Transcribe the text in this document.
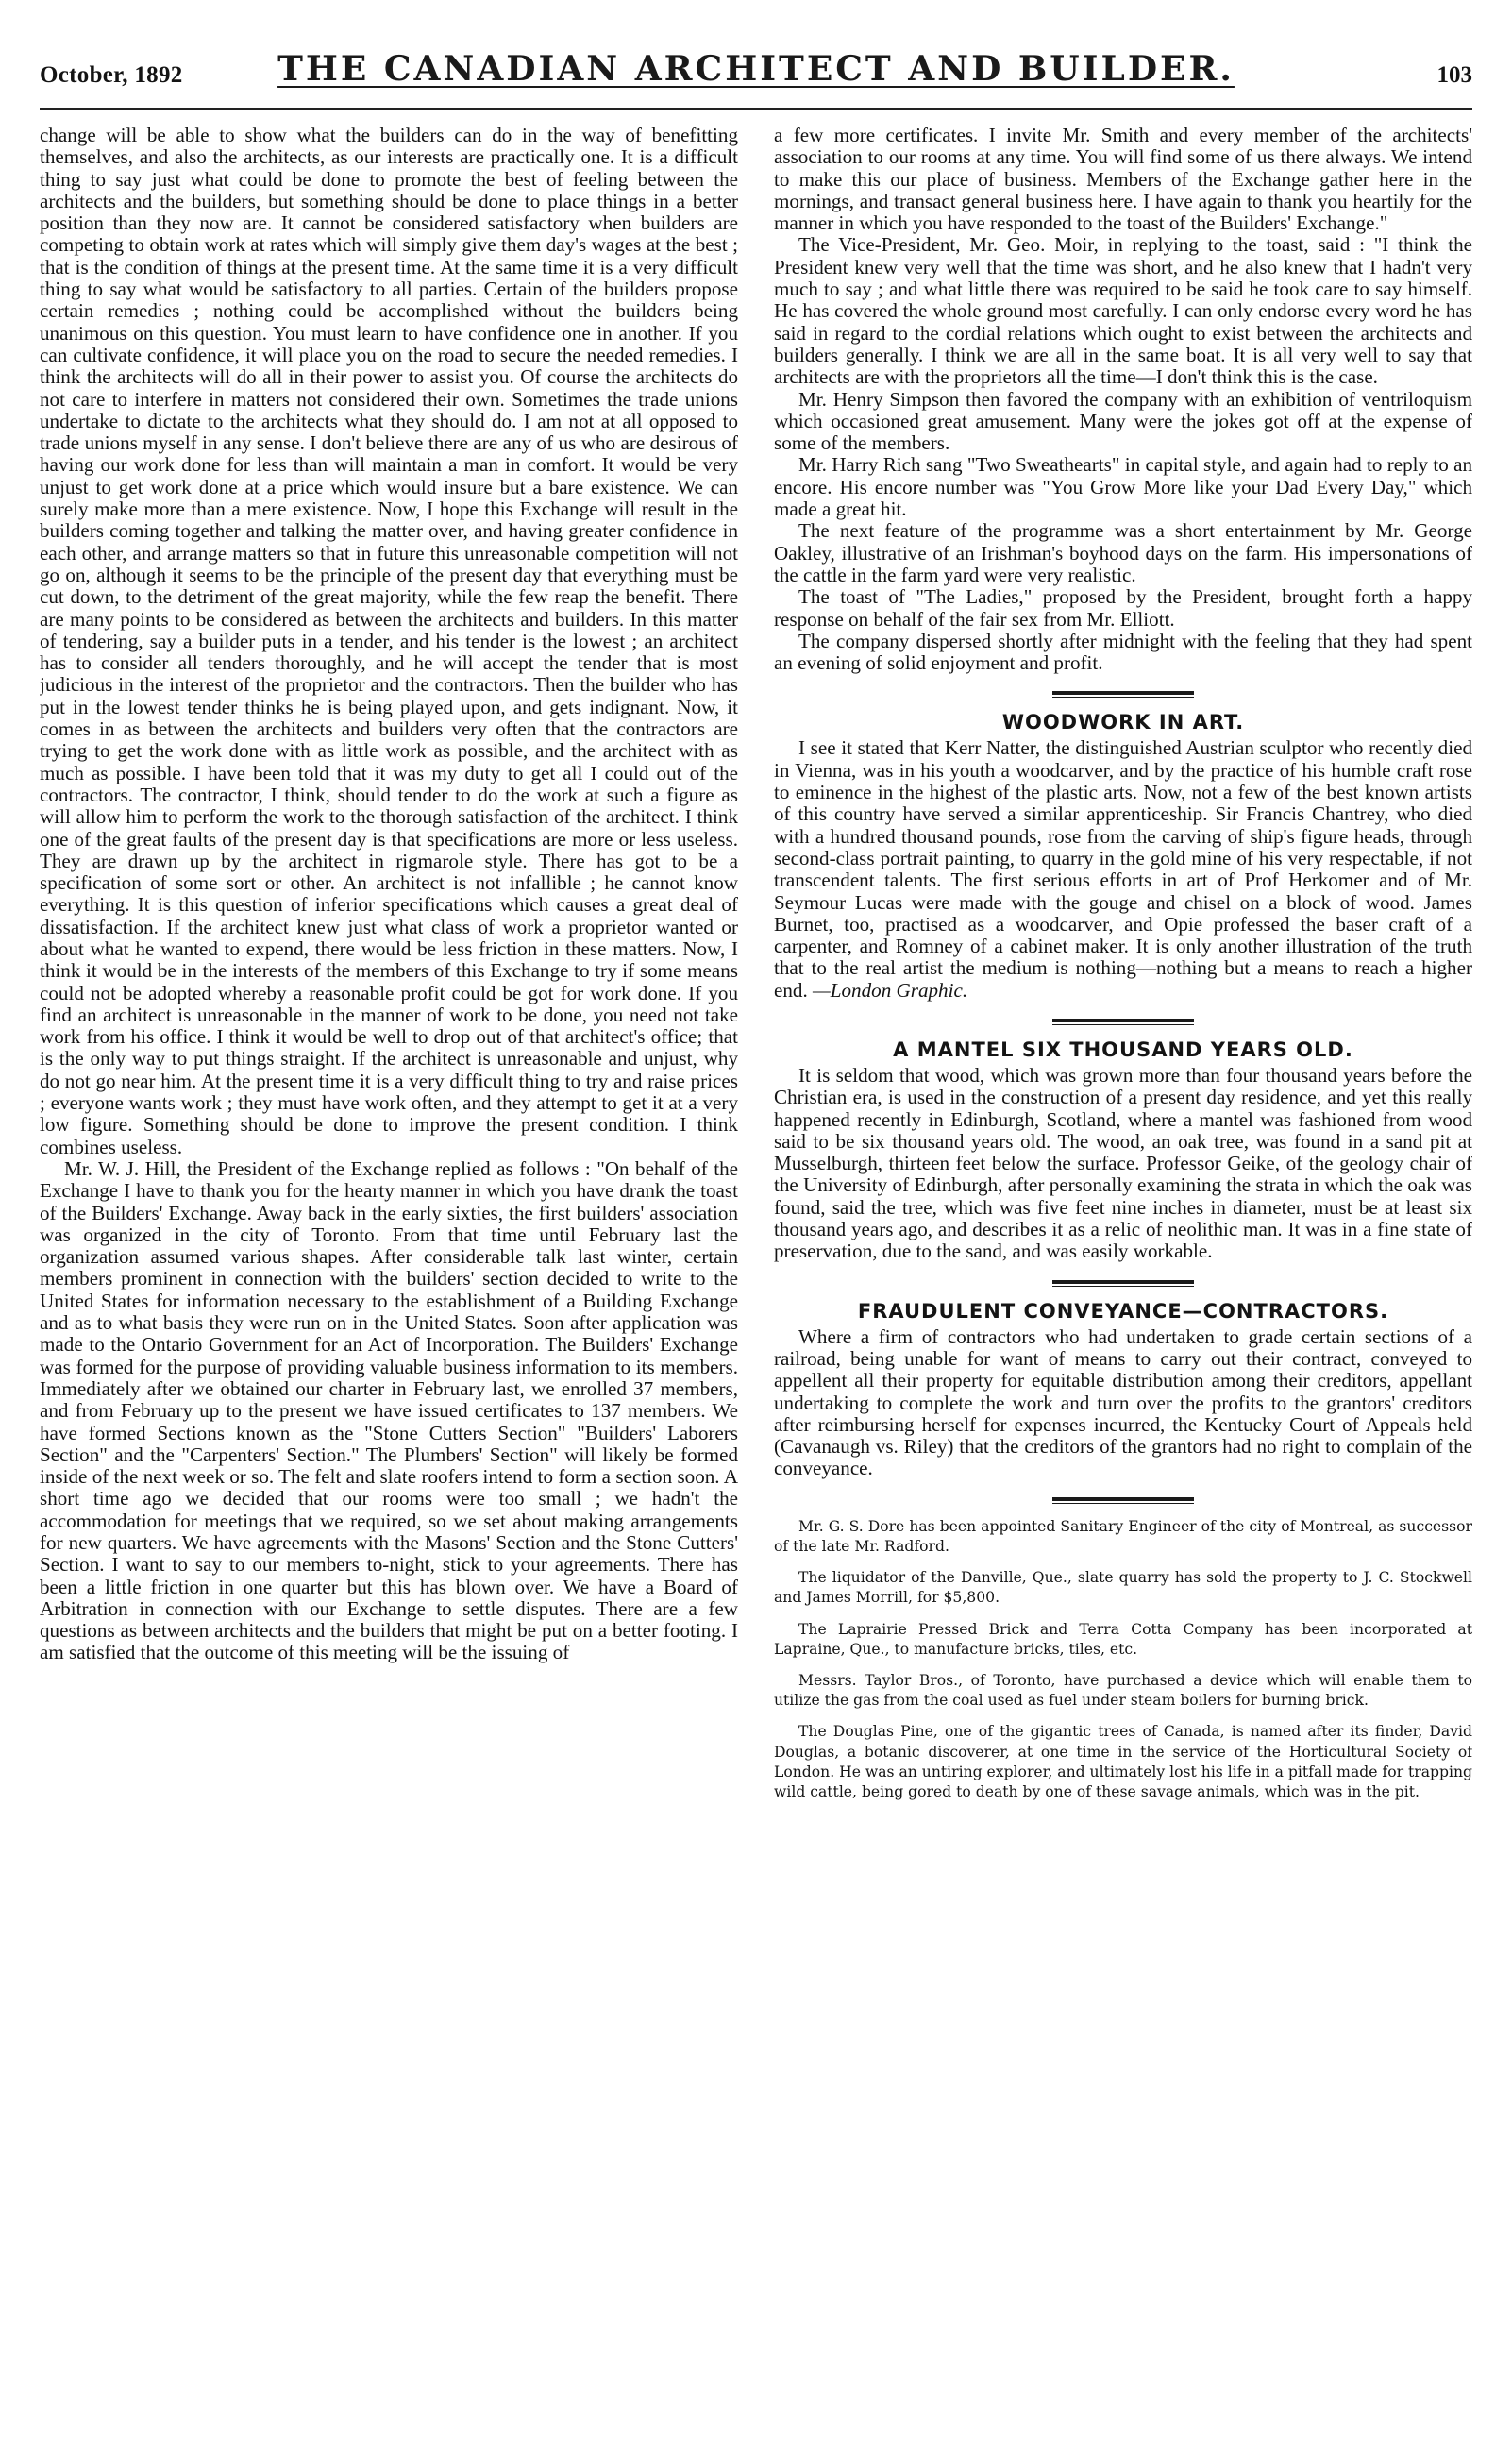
October, 1892	THE CANADIAN ARCHITECT AND BUILDER.	103

change will be able to show what the builders can do in the way of benefitting themselves, and also the architects, as our interests are practically one. It is a difficult thing to say just what could be done to promote the best of feeling between the architects and the builders, but something should be done to place things in a better position than they now are. It cannot be considered satisfactory when builders are competing to obtain work at rates which will simply give them day's wages at the best ; that is the condition of things at the present time. At the same time it is a very difficult thing to say what would be satisfactory to all parties. Certain of the builders propose certain remedies ; nothing could be accomplished without the builders being unanimous on this question. You must learn to have confidence one in another. If you can cultivate confidence, it will place you on the road to secure the needed remedies. I think the architects will do all in their power to assist you. Of course the architects do not care to interfere in matters not considered their own. Sometimes the trade unions undertake to dictate to the architects what they should do. I am not at all opposed to trade unions myself in any sense. I don't believe there are any of us who are desirous of having our work done for less than will maintain a man in comfort. It would be very unjust to get work done at a price which would insure but a bare existence. We can surely make more than a mere existence. Now, I hope this Exchange will result in the builders coming together and talking the matter over, and having greater confidence in each other, and arrange matters so that in future this unreasonable competition will not go on, although it seems to be the principle of the present day that everything must be cut down, to the detriment of the great majority, while the few reap the benefit. There are many points to be considered as between the architects and builders. In this matter of tendering, say a builder puts in a tender, and his tender is the lowest ; an architect has to consider all tenders thoroughly, and he will accept the tender that is most judicious in the interest of the proprietor and the contractors. Then the builder who has put in the lowest tender thinks he is being played upon, and gets indignant. Now, it comes in as between the architects and builders very often that the contractors are trying to get the work done with as little work as possible, and the architect with as much as possible. I have been told that it was my duty to get all I could out of the contractors. The contractor, I think, should tender to do the work at such a figure as will allow him to perform the work to the thorough satisfaction of the architect. I think one of the great faults of the present day is that specifications are more or less useless. They are drawn up by the architect in rigmarole style. There has got to be a specification of some sort or other. An architect is not infallible ; he cannot know everything. It is this question of inferior specifications which causes a great deal of dissatisfaction. If the architect knew just what class of work a proprietor wanted or about what he wanted to expend, there would be less friction in these matters. Now, I think it would be in the interests of the members of this Exchange to try if some means could not be adopted whereby a reasonable profit could be got for work done. If you find an architect is unreasonable in the manner of work to be done, you need not take work from his office. I think it would be well to drop out of that architect's office; that is the only way to put things straight. If the architect is unreasonable and unjust, why do not go near him. At the present time it is a very difficult thing to try and raise prices ; everyone wants work ; they must have work often, and they attempt to get it at a very low figure. Something should be done to improve the present condition. I think combines useless.

Mr. W. J. Hill, the President of the Exchange replied as follows : "On behalf of the Exchange I have to thank you for the hearty manner in which you have drank the toast of the Builders' Exchange. Away back in the early sixties, the first builders' association was organized in the city of Toronto. From that time until February last the organization assumed various shapes. After considerable talk last winter, certain members prominent in connection with the builders' section decided to write to the United States for information necessary to the establishment of a Building Exchange and as to what basis they were run on in the United States. Soon after application was made to the Ontario Government for an Act of Incorporation. The Builders' Exchange was formed for the purpose of providing valuable business information to its members. Immediately after we obtained our charter in February last, we enrolled 37 members, and from February up to the present we have issued certificates to 137 members. We have formed Sections known as the "Stone Cutters Section" "Builders' Laborers Section" and the "Carpenters' Section." The Plumbers' Section" will likely be formed inside of the next week or so. The felt and slate roofers intend to form a section soon. A short time ago we decided that our rooms were too small ; we hadn't the accommodation for meetings that we required, so we set about making arrangements for new quarters. We have agreements with the Masons' Section and the Stone Cutters' Section. I want to say to our members to-night, stick to your agreements. There has been a little friction in one quarter but this has blown over. We have a Board of Arbitration in connection with our Exchange to settle disputes. There are a few questions as between architects and the builders that might be put on a better footing. I am satisfied that the outcome of this meeting will be the issuing of

a few more certificates. I invite Mr. Smith and every member of the architects' association to our rooms at any time. You will find some of us there always. We intend to make this our place of business. Members of the Exchange gather here in the mornings, and transact general business here. I have again to thank you heartily for the manner in which you have responded to the toast of the Builders' Exchange."

The Vice-President, Mr. Geo. Moir, in replying to the toast, said : "I think the President knew very well that the time was short, and he also knew that I hadn't very much to say ; and what little there was required to be said he took care to say himself. He has covered the whole ground most carefully. I can only endorse every word he has said in regard to the cordial relations which ought to exist between the architects and builders generally. I think we are all in the same boat. It is all very well to say that architects are with the proprietors all the time—I don't think this is the case.

Mr. Henry Simpson then favored the company with an exhibition of ventriloquism which occasioned great amusement. Many were the jokes got off at the expense of some of the members.

Mr. Harry Rich sang "Two Sweathearts" in capital style, and again had to reply to an encore. His encore number was "You Grow More like your Dad Every Day," which made a great hit.

The next feature of the programme was a short entertainment by Mr. George Oakley, illustrative of an Irishman's boyhood days on the farm. His impersonations of the cattle in the farm yard were very realistic.

The toast of "The Ladies," proposed by the President, brought forth a happy response on behalf of the fair sex from Mr. Elliott.

The company dispersed shortly after midnight with the feeling that they had spent an evening of solid enjoyment and profit.

WOODWORK IN ART.

I see it stated that Kerr Natter, the distinguished Austrian sculptor who recently died in Vienna, was in his youth a woodcarver, and by the practice of his humble craft rose to eminence in the highest of the plastic arts. Now, not a few of the best known artists of this country have served a similar apprenticeship. Sir Francis Chantrey, who died with a hundred thousand pounds, rose from the carving of ship's figure heads, through second-class portrait painting, to quarry in the gold mine of his very respectable, if not transcendent talents. The first serious efforts in art of Prof Herkomer and of Mr. Seymour Lucas were made with the gouge and chisel on a block of wood. James Burnet, too, practised as a woodcarver, and Opie professed the baser craft of a carpenter, and Romney of a cabinet maker. It is only another illustration of the truth that to the real artist the medium is nothing—nothing but a means to reach a higher end. —London Graphic.

A MANTEL SIX THOUSAND YEARS OLD.

It is seldom that wood, which was grown more than four thousand years before the Christian era, is used in the construction of a present day residence, and yet this really happened recently in Edinburgh, Scotland, where a mantel was fashioned from wood said to be six thousand years old. The wood, an oak tree, was found in a sand pit at Musselburgh, thirteen feet below the surface. Professor Geike, of the geology chair of the University of Edinburgh, after personally examining the strata in which the oak was found, said the tree, which was five feet nine inches in diameter, must be at least six thousand years ago, and describes it as a relic of neolithic man. It was in a fine state of preservation, due to the sand, and was easily workable.

FRAUDULENT CONVEYANCE—CONTRACTORS.

Where a firm of contractors who had undertaken to grade certain sections of a railroad, being unable for want of means to carry out their contract, conveyed to appellent all their property for equitable distribution among their creditors, appellant undertaking to complete the work and turn over the profits to the grantors' creditors after reimbursing herself for expenses incurred, the Kentucky Court of Appeals held (Cavanaugh vs. Riley) that the creditors of the grantors had no right to complain of the conveyance.

Mr. G. S. Dore has been appointed Sanitary Engineer of the city of Montreal, as successor of the late Mr. Radford.

The liquidator of the Danville, Que., slate quarry has sold the property to J. C. Stockwell and James Morrill, for $5,800.

The Laprairie Pressed Brick and Terra Cotta Company has been incorporated at Lapraine, Que., to manufacture bricks, tiles, etc.

Messrs. Taylor Bros., of Toronto, have purchased a device which will enable them to utilize the gas from the coal used as fuel under steam boilers for burning brick.

The Douglas Pine, one of the gigantic trees of Canada, is named after its finder, David Douglas, a botanic discoverer, at one time in the service of the Horticultural Society of London. He was an untiring explorer, and ultimately lost his life in a pitfall made for trapping wild cattle, being gored to death by one of these savage animals, which was in the pit.
